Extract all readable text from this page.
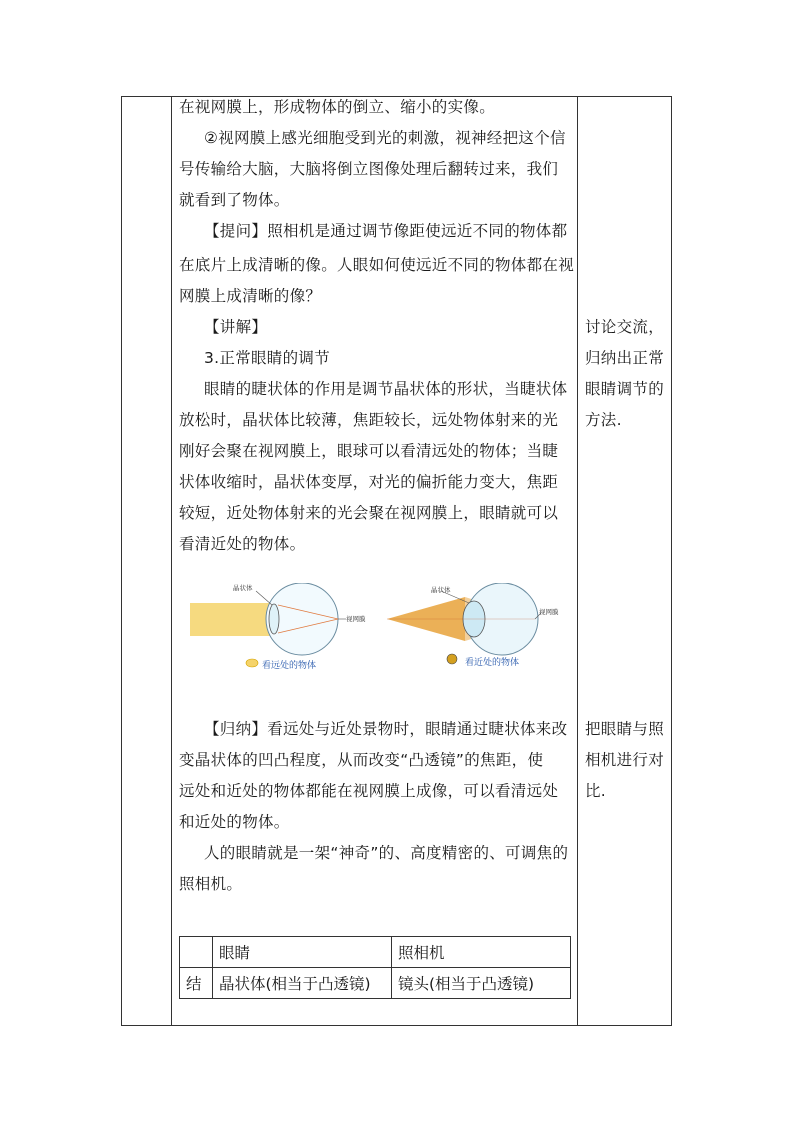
在视网膜上，形成物体的倒立、缩小的实像。
②视网膜上感光细胞受到光的刺激，视神经把这个信
号传输给大脑，大脑将倒立图像处理后翻转过来，我们
就看到了物体。
【提问】照相机是通过调节像距使远近不同的物体都
在底片上成清晰的像。人眼如何使远近不同的物体都在视
网膜上成清晰的像？
【讲解】
3.正常眼睛的调节
眼睛的睫状体的作用是调节晶状体的形状，当睫状体
放松时，晶状体比较薄，焦距较长，远处物体射来的光
刚好会聚在视网膜上，眼球可以看清远处的物体；当睫
状体收缩时，晶状体变厚，对光的偏折能力变大，焦距
较短，近处物体射来的光会聚在视网膜上，眼睛就可以
看清近处的物体。
晶状体
视网膜
看远处的物体
晶状体
视网膜
看近处的物体
【归纳】看远处与近处景物时，眼睛通过睫状体来改
变晶状体的凹凸程度，从而改变“凸透镜”的焦距，使
远处和近处的物体都能在视网膜上成像，可以看清远处
和近处的物体。
人的眼睛就是一架“神奇”的、高度精密的、可调焦的
照相机。
	眼睛	照相机
结	晶状体(相当于凸透镜)	镜头(相当于凸透镜)
讨论交流，
归纳出正常
眼睛调节的
方法.
把眼睛与照
相机进行对
比.
